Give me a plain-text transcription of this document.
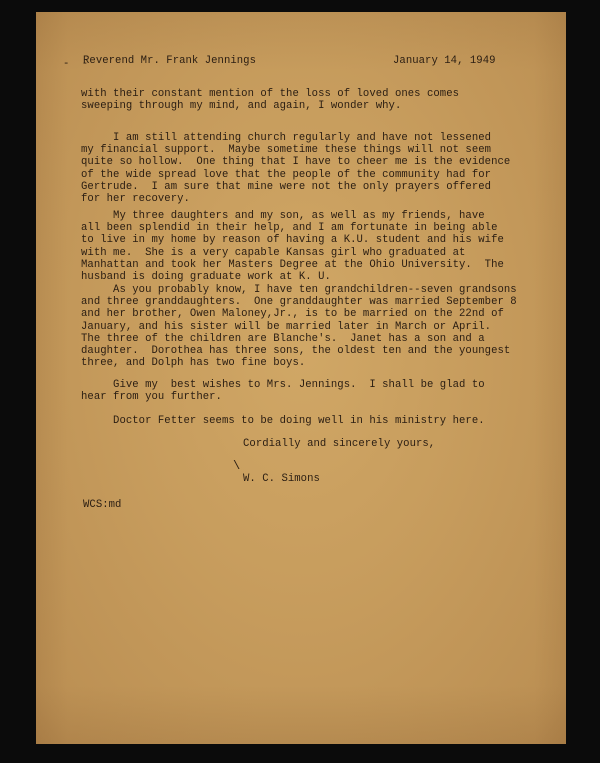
- -
Reverend Mr. Frank Jennings	January 14, 1949
with their constant mention of the loss of loved ones comes
sweeping through my mind, and again, I wonder why.
I am still attending church regularly and have not lessened
my financial support.  Maybe sometime these things will not seem
quite so hollow.  One thing that I have to cheer me is the evidence
of the wide spread love that the people of the community had for
Gertrude.  I am sure that mine were not the only prayers offered
for her recovery.
My three daughters and my son, as well as my friends, have
all been splendid in their help, and I am fortunate in being able
to live in my home by reason of having a K.U. student and his wife
with me.  She is a very capable Kansas girl who graduated at
Manhattan and took her Masters Degree at the Ohio University.  The
husband is doing graduate work at K. U.
As you probably know, I have ten grandchildren--seven grandsons
and three granddaughters.  One granddaughter was married September 8
and her brother, Owen Maloney,Jr., is to be married on the 22nd of
January, and his sister will be married later in March or April.
The three of the children are Blanche's.  Janet has a son and a
daughter.  Dorothea has three sons, the oldest ten and the youngest
three, and Dolph has two fine boys.
Give my  best wishes to Mrs. Jennings.  I shall be glad to
hear from you further.
Doctor Fetter seems to be doing well in his ministry here.
Cordially and sincerely yours,
\
W. C. Simons
WCS:md
